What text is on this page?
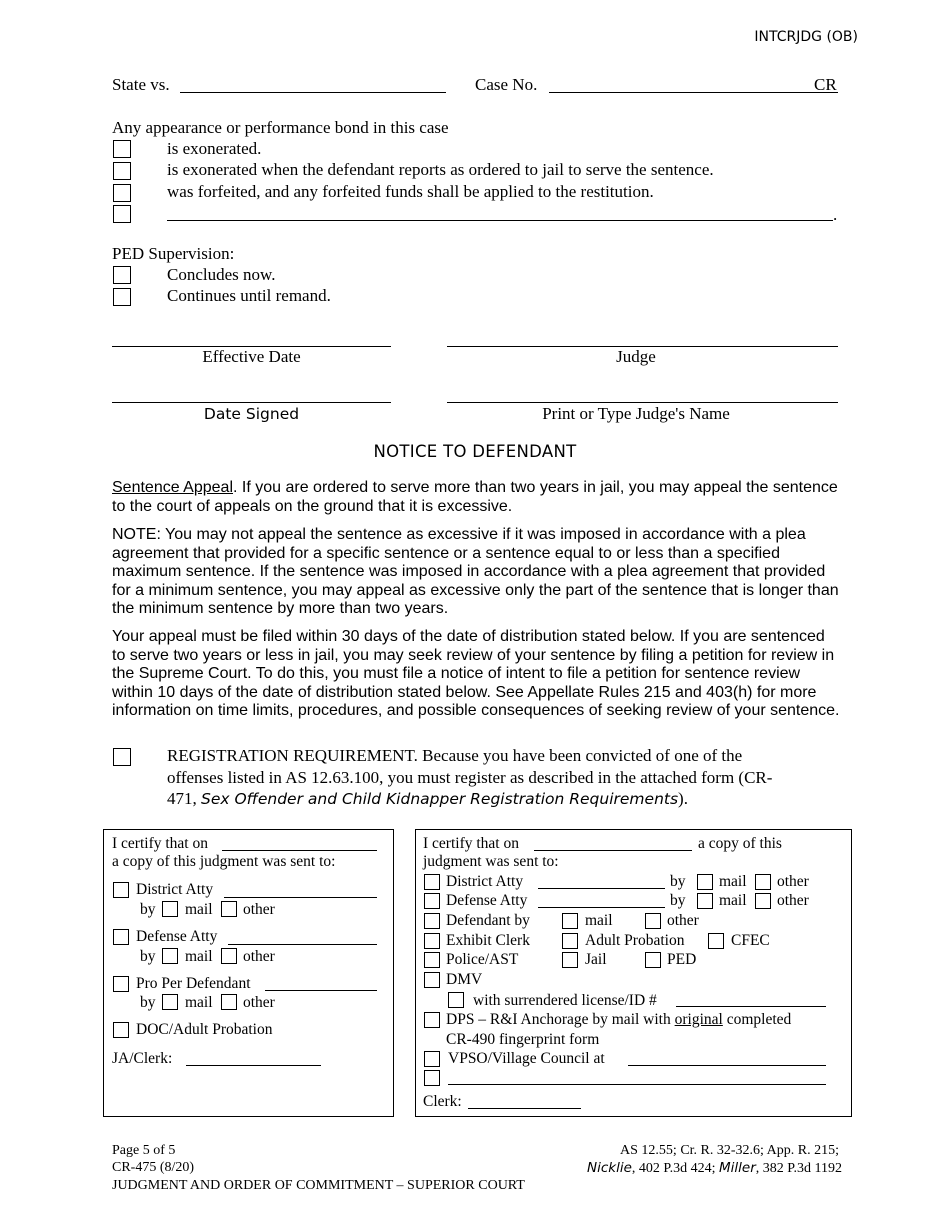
INTCRJDG (OB)
State vs.	Case No.	CR
Any appearance or performance bond in this case
is exonerated.
is exonerated when the defendant reports as ordered to jail to serve the sentence.
was forfeited, and any forfeited funds shall be applied to the restitution.
.
PED Supervision:
Concludes now.
Continues until remand.
Effective Date	Judge
Date Signed	Print or Type Judge's Name
NOTICE TO DEFENDANT
Sentence Appeal. If you are ordered to serve more than two years in jail, you may appeal the sentence to the court of appeals on the ground that it is excessive.
NOTE: You may not appeal the sentence as excessive if it was imposed in accordance with a plea agreement that provided for a specific sentence or a sentence equal to or less than a specified maximum sentence. If the sentence was imposed in accordance with a plea agreement that provided for a minimum sentence, you may appeal as excessive only the part of the sentence that is longer than the minimum sentence by more than two years.
Your appeal must be filed within 30 days of the date of distribution stated below. If you are sentenced to serve two years or less in jail, you may seek review of your sentence by filing a petition for review in the Supreme Court. To do this, you must file a notice of intent to file a petition for sentence review within 10 days of the date of distribution stated below. See Appellate Rules 215 and 403(h) for more information on time limits, procedures, and possible consequences of seeking review of your sentence.
REGISTRATION REQUIREMENT. Because you have been convicted of one of the
offenses listed in AS 12.63.100, you must register as described in the attached form (CR-
471, Sex Offender and Child Kidnapper Registration Requirements).
I certify that on
a copy of this judgment was sent to:
District Atty
by mail other
Defense Atty
by mail other
Pro Per Defendant
by mail other
DOC/Adult Probation
JA/Clerk:
I certify that on	a copy of this
judgment was sent to:
District Atty	by mail other
Defense Atty	by mail other
Defendant by	mail	other
Exhibit Clerk	Adult Probation	CFEC
Police/AST	Jail	PED
DMV
with surrendered license/ID #
DPS – R&I Anchorage by mail with original completed
CR-490 fingerprint form
VPSO/Village Council at
Clerk:
Page 5 of 5
CR-475 (8/20)
JUDGMENT AND ORDER OF COMMITMENT – SUPERIOR COURT
AS 12.55; Cr. R. 32-32.6; App. R. 215;
Nicklie, 402 P.3d 424; Miller, 382 P.3d 1192
